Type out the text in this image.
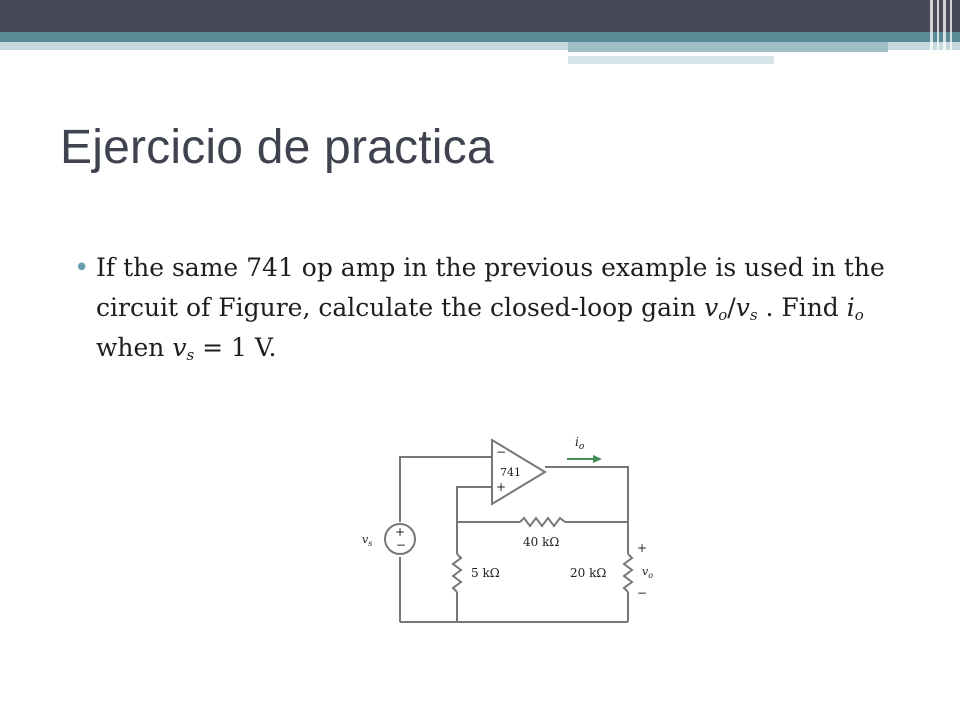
Ejercicio de practica
• If the same 741 op amp in the previous example is used in the circuit of Figure, calculate the closed-loop gain $v_o/v_s$ . Find $i_o$ when $v_s = 1$ V.
741
−
+
$i_o$
+
−
$v_s$	40 kΩ
5 kΩ	20 kΩ
+
$v_o$
−
